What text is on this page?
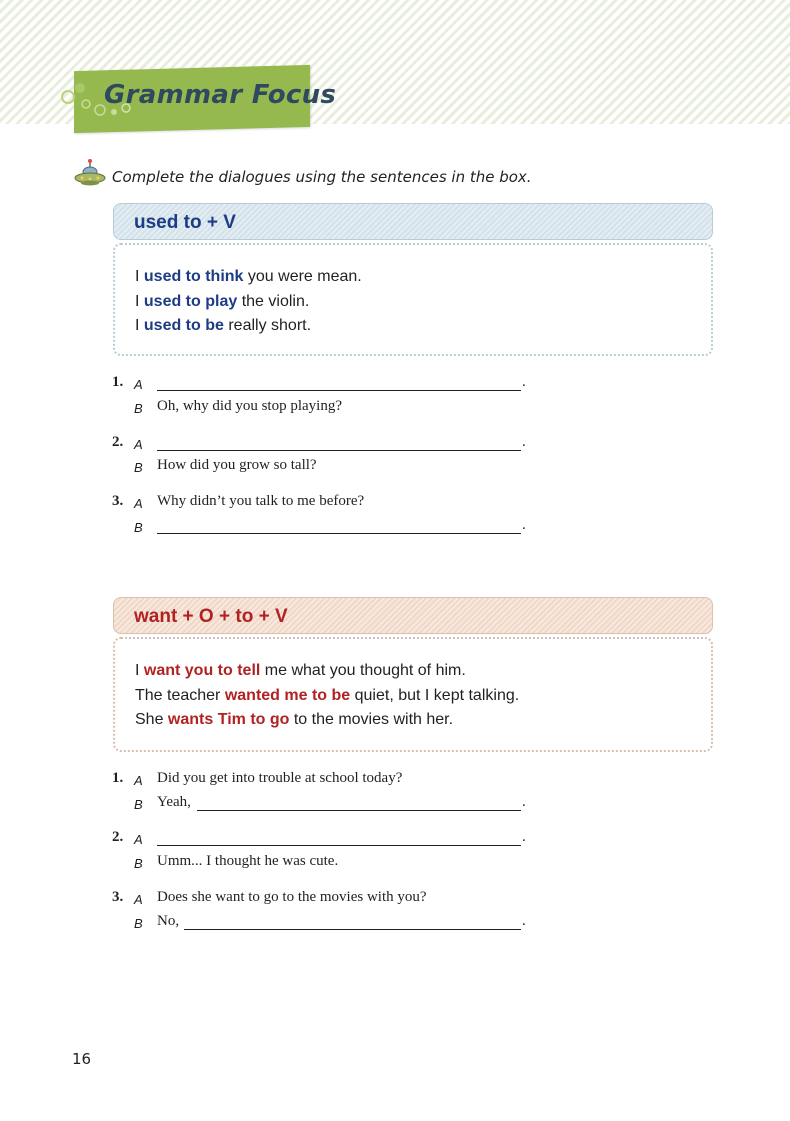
Grammar Focus
Complete the dialogues using the sentences in the box.
used to + V
I used to think you were mean.
I used to play the violin.
I used to be really short.
1. A	.
B Oh, why did you stop playing?
2. A	.
B How did you grow so tall?
3. A Why didn’t you talk to me before?
B	.
want + O + to + V
I want you to tell me what you thought of him.
The teacher wanted me to be quiet, but I kept talking.
She wants Tim to go to the movies with her.
1. A Did you get into trouble at school today?
B Yeah,	.
2. A	.
B Umm... I thought he was cute.
3. A Does she want to go to the movies with you?
B No,	.
16
